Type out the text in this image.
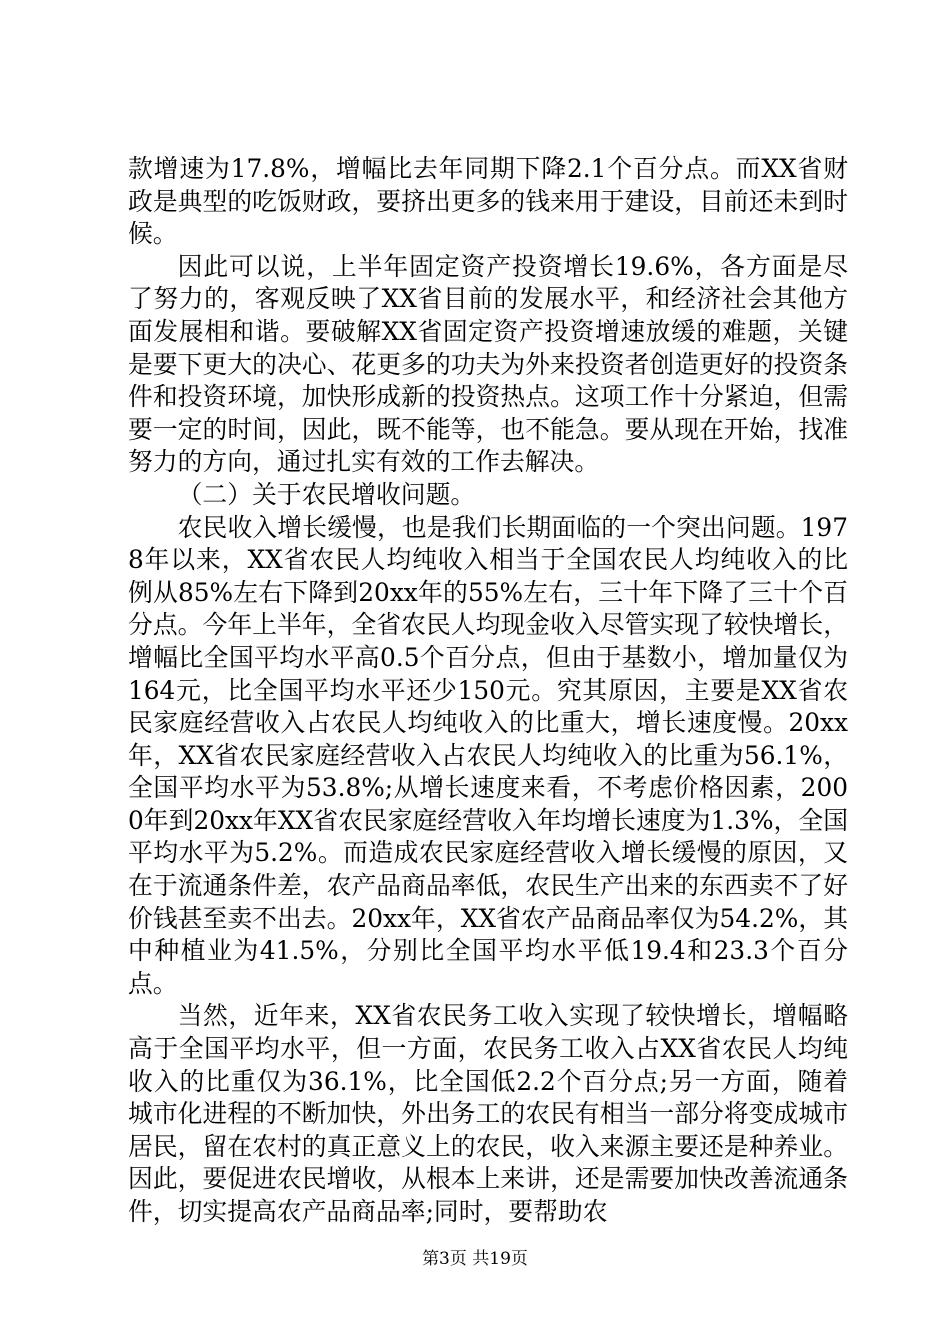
款增速为17.8%，增幅比去年同期下降2.1个百分点。而XX省财政是典型的吃饭财政，要挤出更多的钱来用于建设，目前还未到时候。

因此可以说，上半年固定资产投资增长19.6%，各方面是尽了努力的，客观反映了XX省目前的发展水平，和经济社会其他方面发展相和谐。要破解XX省固定资产投资增速放缓的难题，关键是要下更大的决心、花更多的功夫为外来投资者创造更好的投资条件和投资环境，加快形成新的投资热点。这项工作十分紧迫，但需要一定的时间，因此，既不能等，也不能急。要从现在开始，找准努力的方向，通过扎实有效的工作去解决。

（二）关于农民增收问题。

农民收入增长缓慢，也是我们长期面临的一个突出问题。1978年以来，XX省农民人均纯收入相当于全国农民人均纯收入的比例从85%左右下降到20xx年的55%左右，三十年下降了三十个百分点。今年上半年，全省农民人均现金收入尽管实现了较快增长，增幅比全国平均水平高0.5个百分点，但由于基数小，增加量仅为164元，比全国平均水平还少150元。究其原因，主要是XX省农民家庭经营收入占农民人均纯收入的比重大，增长速度慢。20xx年，XX省农民家庭经营收入占农民人均纯收入的比重为56.1%，全国平均水平为53.8%;从增长速度来看，不考虑价格因素，2000年到20xx年XX省农民家庭经营收入年均增长速度为1.3%，全国平均水平为5.2%。而造成农民家庭经营收入增长缓慢的原因，又在于流通条件差，农产品商品率低，农民生产出来的东西卖不了好价钱甚至卖不出去。20xx年，XX省农产品商品率仅为54.2%，其中种植业为41.5%，分别比全国平均水平低19.4和23.3个百分点。

当然，近年来，XX省农民务工收入实现了较快增长，增幅略高于全国平均水平，但一方面，农民务工收入占XX省农民人均纯收入的比重仅为36.1%，比全国低2.2个百分点;另一方面，随着城市化进程的不断加快，外出务工的农民有相当一部分将变成城市居民，留在农村的真正意义上的农民，收入来源主要还是种养业。因此，要促进农民增收，从根本上来讲，还是需要加快改善流通条件，切实提高农产品商品率;同时，要帮助农

第3页 共19页
